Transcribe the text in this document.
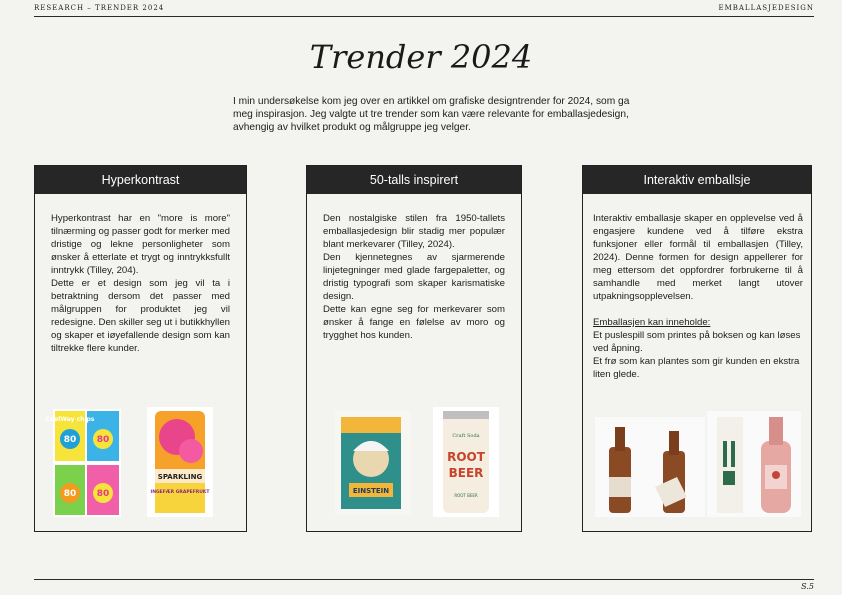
RESEARCH – TRENDER 2024	EMBALLASJEDESIGN
Trender 2024
I min undersøkelse kom jeg over en artikkel om grafiske designtrender for 2024, som ga meg inspirasjon. Jeg valgte ut tre trender som kan være relevante for emballasjedesign, avhengig av hvilket produkt og målgruppe jeg velger.
Hyperkontrast

Hyperkontrast har en "more is more" tilnærming og passer godt for merker med dristige og lekne personligheter som ønsker å etterlate et trygt og inntrykksfullt inntrykk (Tilley, 204).

Dette er et design som jeg vil ta i betraktning dersom det passer med målgruppen for produktet jeg vil redesigne. Den skiller seg ut i butikkhyllen og skaper et iøyefallende design som kan tiltrekke flere kunder.

CoolWay chips
80 80
80 80
SPARKLING
INGEFÆR GRAPEFRUKT
50-talls inspirert

Den nostalgiske stilen fra 1950-tallets emballasjedesign blir stadig mer populær blant merkevarer (Tilley, 2024).

Den kjennetegnes av sjarmerende linjetegninger med glade fargepaletter, og dristig typografi som skaper karismatiske design.

Dette kan egne seg for merkevarer som ønsker å fange en følelse av moro og trygghet hos kunden.

EINSTEIN
Craft Soda
ROOT
BEER
ROOT BEER
Interaktiv emballsje

Interaktiv emballasje skaper en opplevelse ved å engasjere kundene ved å tilføre ekstra funksjoner eller formål til emballasjen (Tilley, 2024). Denne formen for design appellerer for meg ettersom det oppfordrer forbrukerne til å samhandle med merket langt utover utpakningsopplevelsen.

Emballasjen kan inneholde:

Et puslespill som printes på boksen og kan løses ved åpning.

Et frø som kan plantes som gir kunden en ekstra liten glede.

S.5
